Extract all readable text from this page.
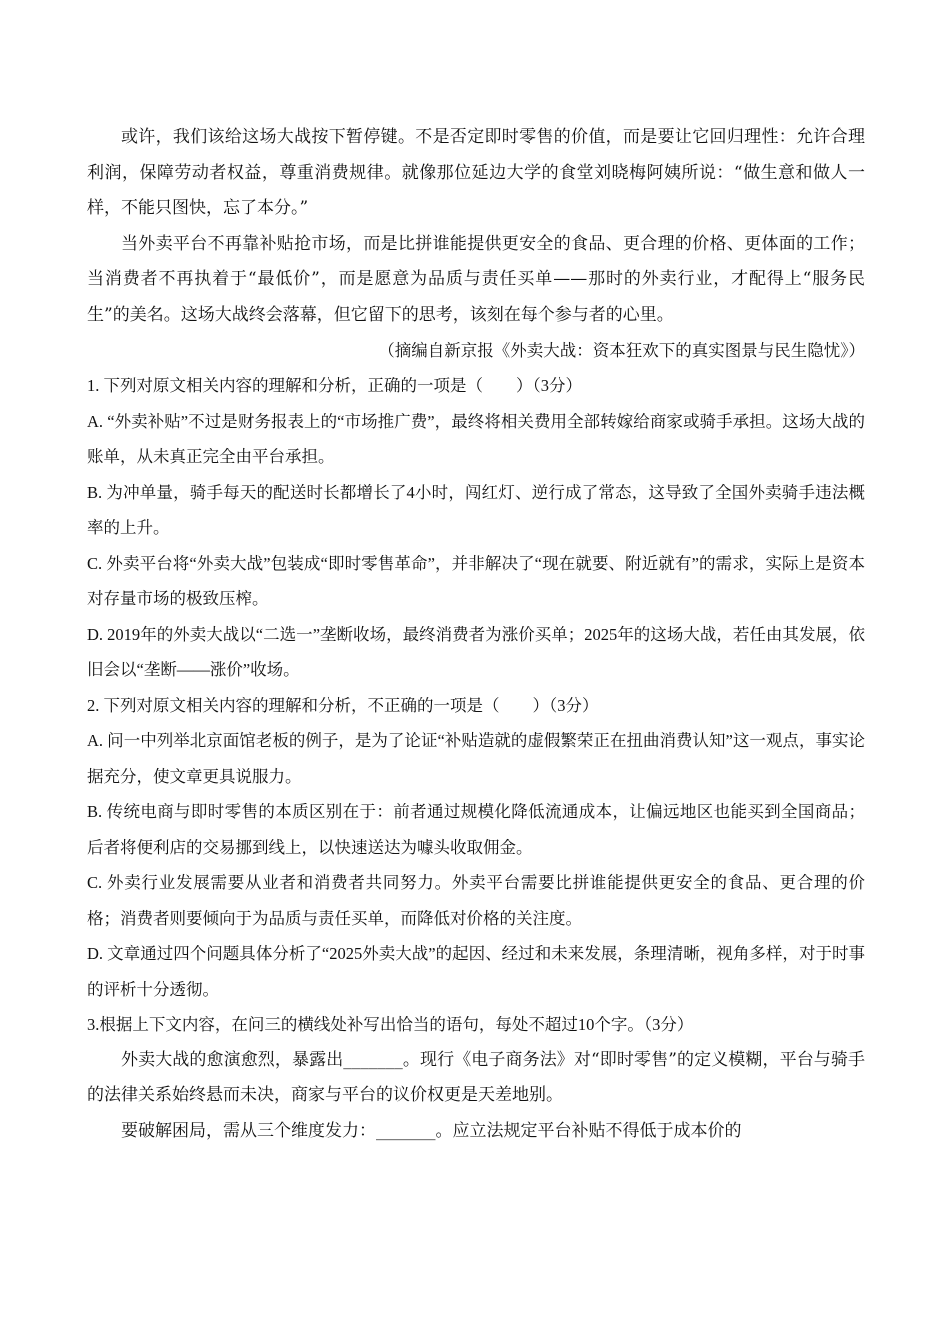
或许，我们该给这场大战按下暂停键。不是否定即时零售的价值，而是要让它回归理性：允许合理利润，保障劳动者权益，尊重消费规律。就像那位延边大学的食堂刘晓梅阿姨所说：“做生意和做人一样，不能只图快，忘了本分。”

当外卖平台不再靠补贴抢市场，而是比拼谁能提供更安全的食品、更合理的价格、更体面的工作；当消费者不再执着于“最低价”，而是愿意为品质与责任买单——那时的外卖行业，才配得上“服务民生”的美名。这场大战终会落幕，但它留下的思考，该刻在每个参与者的心里。

（摘编自新京报《外卖大战：资本狂欢下的真实图景与民生隐忧》）

1. 下列对原文相关内容的理解和分析，正确的一项是（　　）（3分）

A. “外卖补贴”不过是财务报表上的“市场推广费”，最终将相关费用全部转嫁给商家或骑手承担。这场大战的账单，从未真正完全由平台承担。

B. 为冲单量，骑手每天的配送时长都增长了4小时，闯红灯、逆行成了常态，这导致了全国外卖骑手违法概率的上升。

C. 外卖平台将“外卖大战”包装成“即时零售革命”，并非解决了“现在就要、附近就有”的需求，实际上是资本对存量市场的极致压榨。

D. 2019年的外卖大战以“二选一”垄断收场，最终消费者为涨价买单；2025年的这场大战，若任由其发展，依旧会以“垄断——涨价”收场。

2. 下列对原文相关内容的理解和分析，不正确的一项是（　　）（3分）

A. 问一中列举北京面馆老板的例子，是为了论证“补贴造就的虚假繁荣正在扭曲消费认知”这一观点，事实论据充分，使文章更具说服力。

B. 传统电商与即时零售的本质区别在于：前者通过规模化降低流通成本，让偏远地区也能买到全国商品；后者将便利店的交易挪到线上，以快速送达为噱头收取佣金。

C. 外卖行业发展需要从业者和消费者共同努力。外卖平台需要比拼谁能提供更安全的食品、更合理的价格；消费者则要倾向于为品质与责任买单，而降低对价格的关注度。

D. 文章通过四个问题具体分析了“2025外卖大战”的起因、经过和未来发展，条理清晰，视角多样，对于时事的评析十分透彻。

3.根据上下文内容，在问三的横线处补写出恰当的语句，每处不超过10个字。（3分）

外卖大战的愈演愈烈，暴露出_______。现行《电子商务法》对“即时零售”的定义模糊，平台与骑手的法律关系始终悬而未决，商家与平台的议价权更是天差地别。

要破解困局，需从三个维度发力：_______。应立法规定平台补贴不得低于成本价的
